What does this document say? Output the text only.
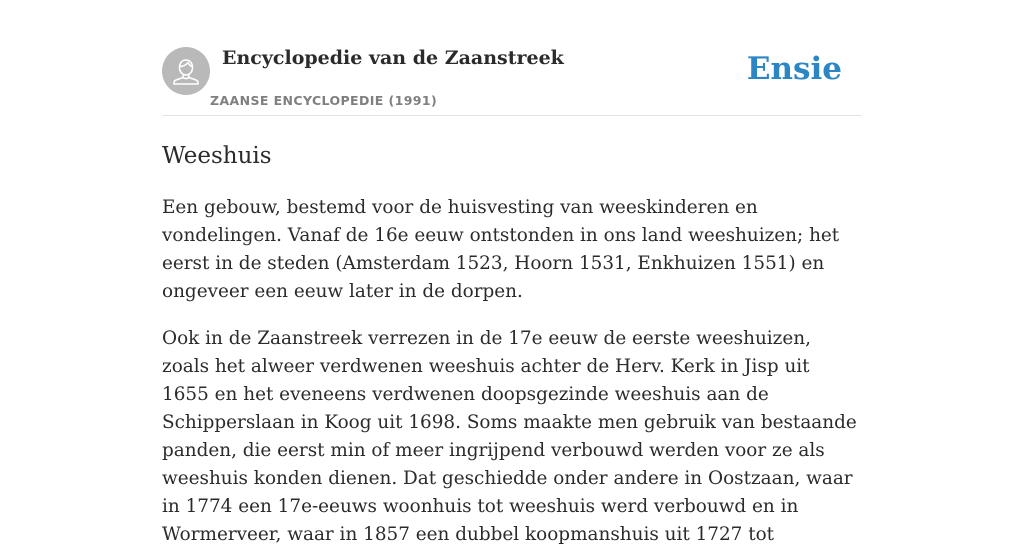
Encyclopedie van de Zaanstreek
ZAANSE ENCYCLOPEDIE (1991)
Ensie
Weeshuis

Een gebouw, bestemd voor de huisvesting van weeskinderen en vondelingen. Vanaf de 16e eeuw ontstonden in ons land weeshuizen; het eerst in de steden (Amsterdam 1523, Hoorn 1531, Enkhuizen 1551) en ongeveer een eeuw later in de dorpen.

Ook in de Zaanstreek verrezen in de 17e eeuw de eerste weeshuizen, zoals het alweer verdwenen weeshuis achter de Herv. Kerk in Jisp uit 1655 en het eveneens verdwenen doopsgezinde weeshuis aan de Schipperslaan in Koog uit 1698. Soms maakte men gebruik van bestaande panden, die eerst min of meer ingrijpend verbouwd werden voor ze als weeshuis konden dienen. Dat geschiedde onder andere in Oostzaan, waar in 1774 een 17e-eeuws woonhuis tot weeshuis werd verbouwd en in Wormerveer, waar in 1857 een dubbel koopmanshuis uit 1727 tot
